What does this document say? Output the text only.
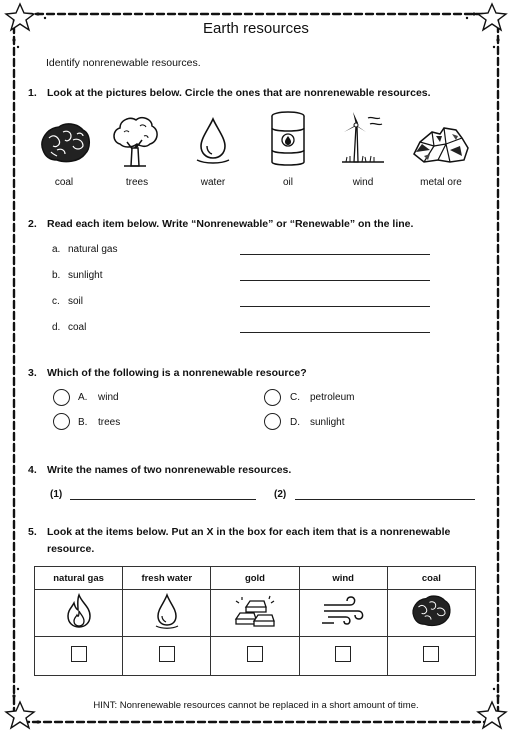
Earth resources
Identify nonrenewable resources.
1. Look at the pictures below. Circle the ones that are nonrenewable resources.
coal	trees	water	oil	wind	metal ore
2. Read each item below. Write “Nonrenewable” or “Renewable” on the line.
a. natural gas
b. sunlight
c. soil
d. coal
3. Which of the following is a nonrenewable resource?
A. wind
B. trees
C. petroleum
D. sunlight
4. Write the names of two nonrenewable resources.
(1)	(2)
5. Look at the items below. Put an X in the box for each item that is a nonrenewable
resource.
natural gas	fresh water	gold	wind	coal

HINT: Nonrenewable resources cannot be replaced in a short amount of time.
